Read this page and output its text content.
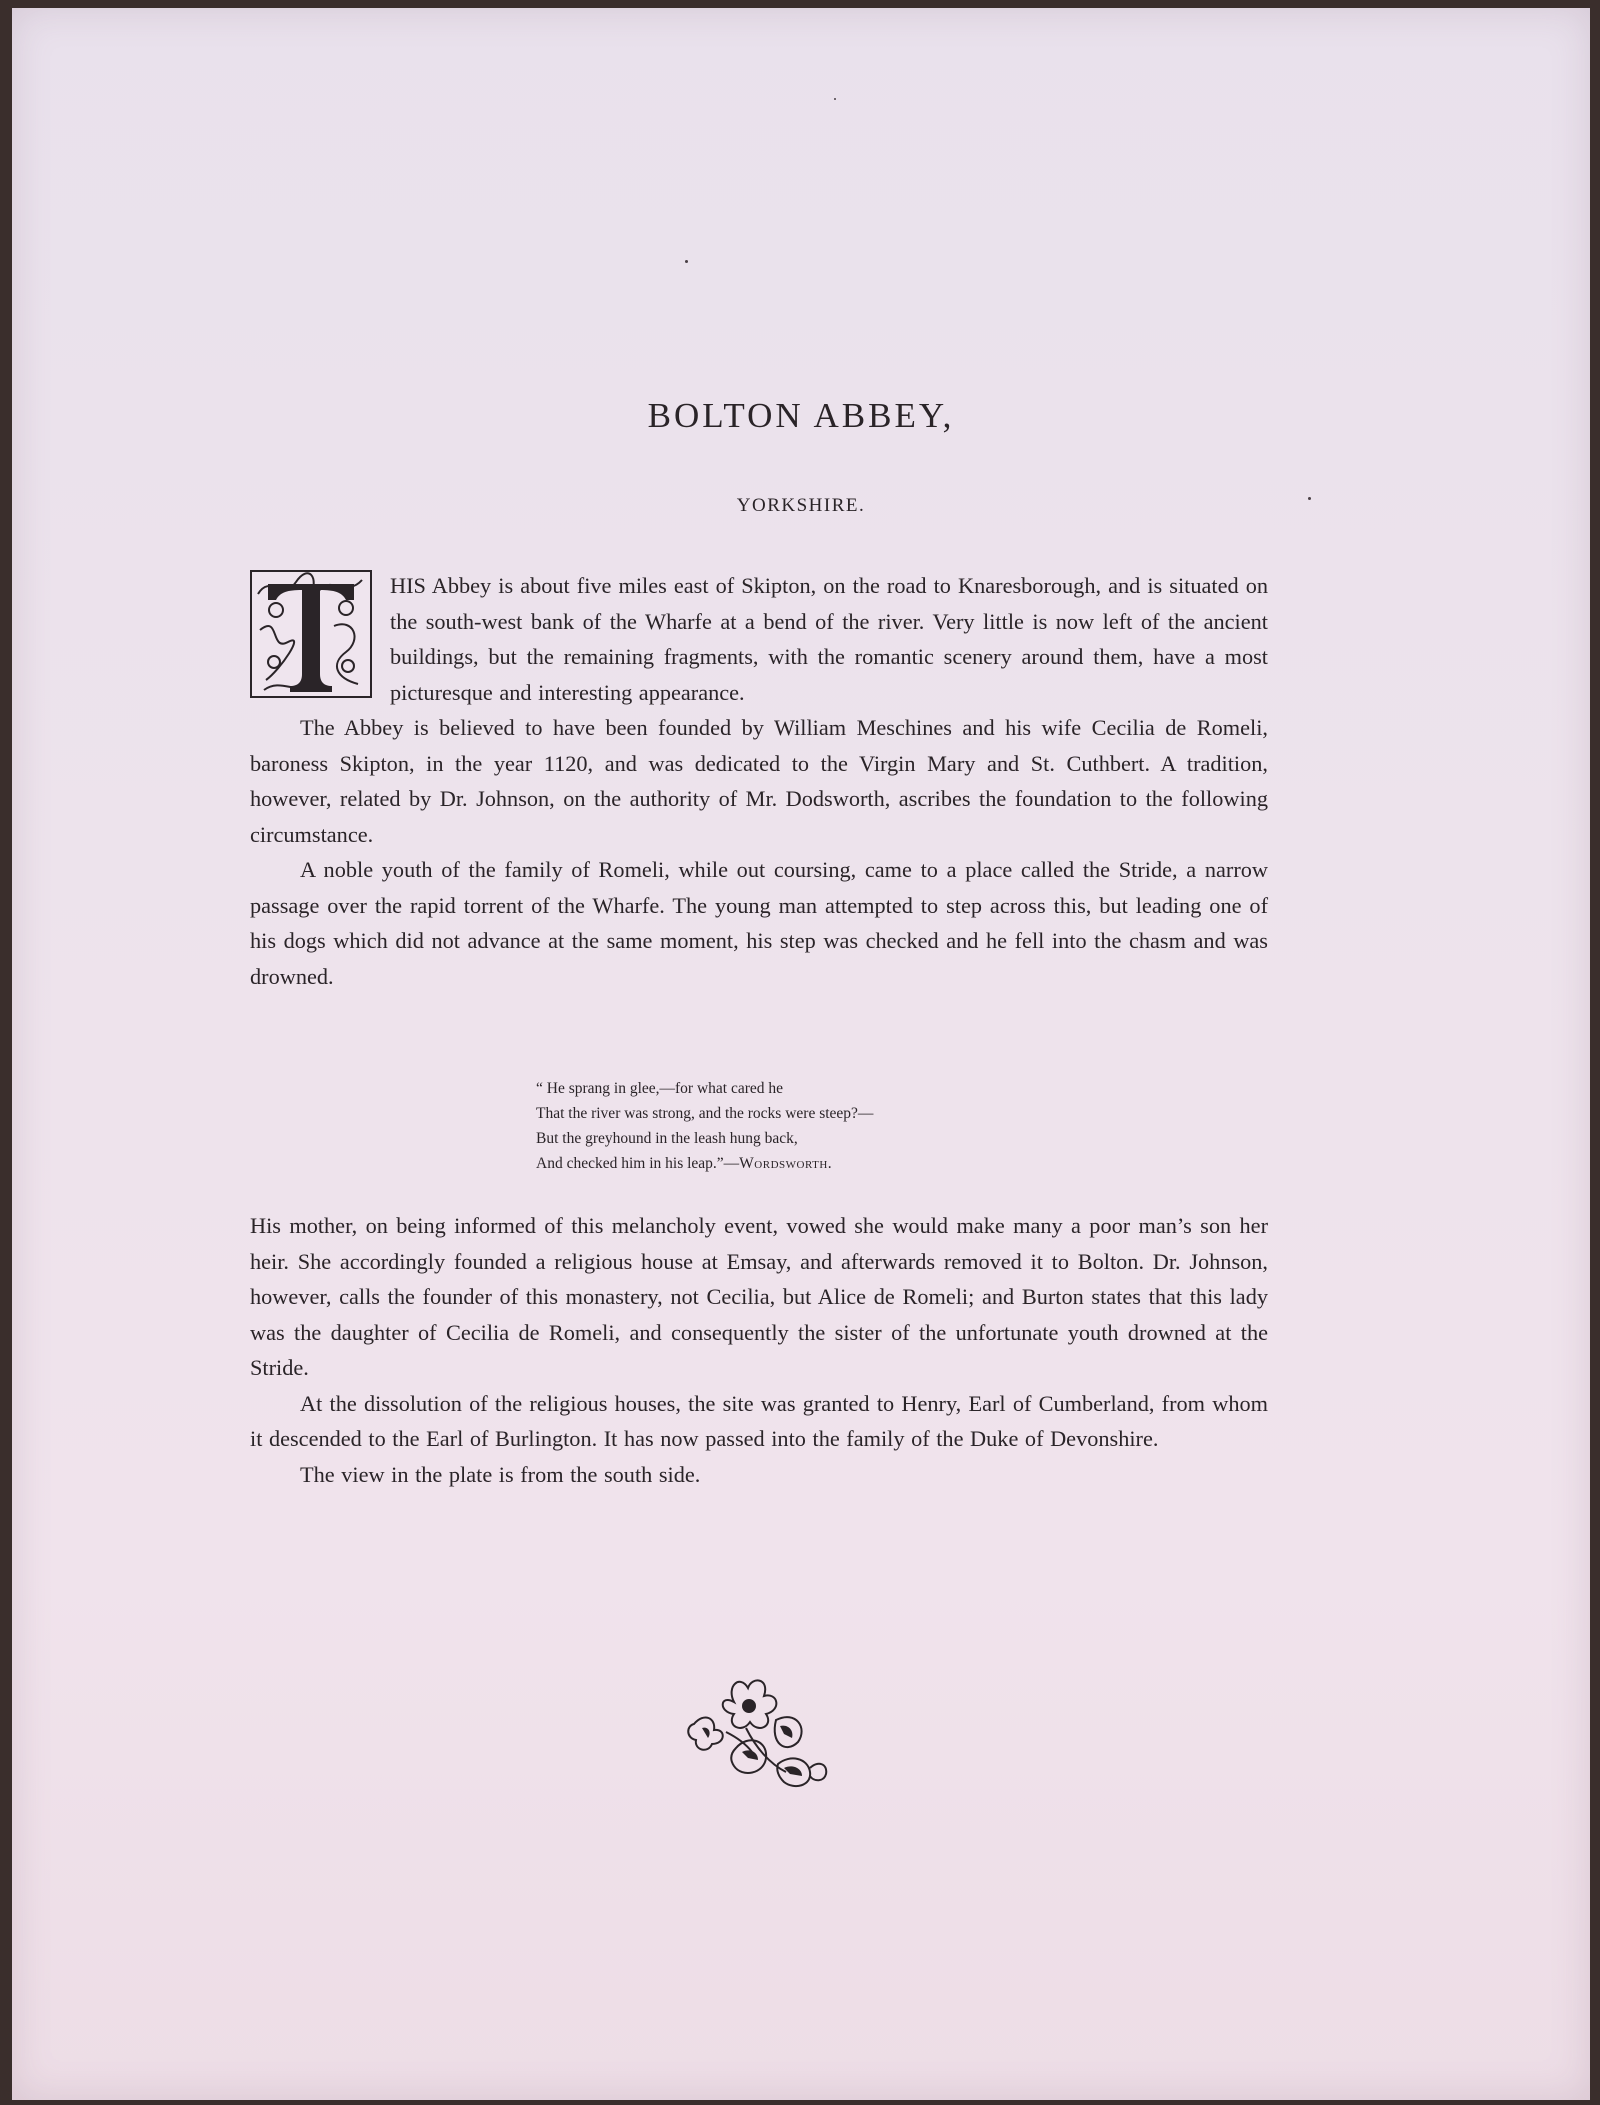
BOLTON ABBEY,
YORKSHIRE.

HIS Abbey is about five miles east of Skipton, on the road to Knaresborough, and is situated on the south-west bank of the Wharfe at a bend of the river. Very little is now left of the ancient buildings, but the remaining fragments, with the romantic scenery around them, have a most picturesque and interesting appearance.

The Abbey is believed to have been founded by William Meschines and his wife Cecilia de Romeli, baroness Skipton, in the year 1120, and was dedicated to the Virgin Mary and St. Cuthbert. A tradition, however, related by Dr. Johnson, on the authority of Mr. Dodsworth, ascribes the foundation to the following circumstance.

A noble youth of the family of Romeli, while out coursing, came to a place called the Stride, a narrow passage over the rapid torrent of the Wharfe. The young man attempted to step across this, but leading one of his dogs which did not advance at the same moment, his step was checked and he fell into the chasm and was drowned.

“ He sprang in glee,—for what cared he
That the river was strong, and the rocks were steep?—
But the greyhound in the leash hung back,
And checked him in his leap.”—Wordsworth.

His mother, on being informed of this melancholy event, vowed she would make many a poor man’s son her heir. She accordingly founded a religious house at Emsay, and afterwards removed it to Bolton. Dr. Johnson, however, calls the founder of this monastery, not Cecilia, but Alice de Romeli; and Burton states that this lady was the daughter of Cecilia de Romeli, and consequently the sister of the unfortunate youth drowned at the Stride.

At the dissolution of the religious houses, the site was granted to Henry, Earl of Cumberland, from whom it descended to the Earl of Burlington. It has now passed into the family of the Duke of Devonshire.

The view in the plate is from the south side.
